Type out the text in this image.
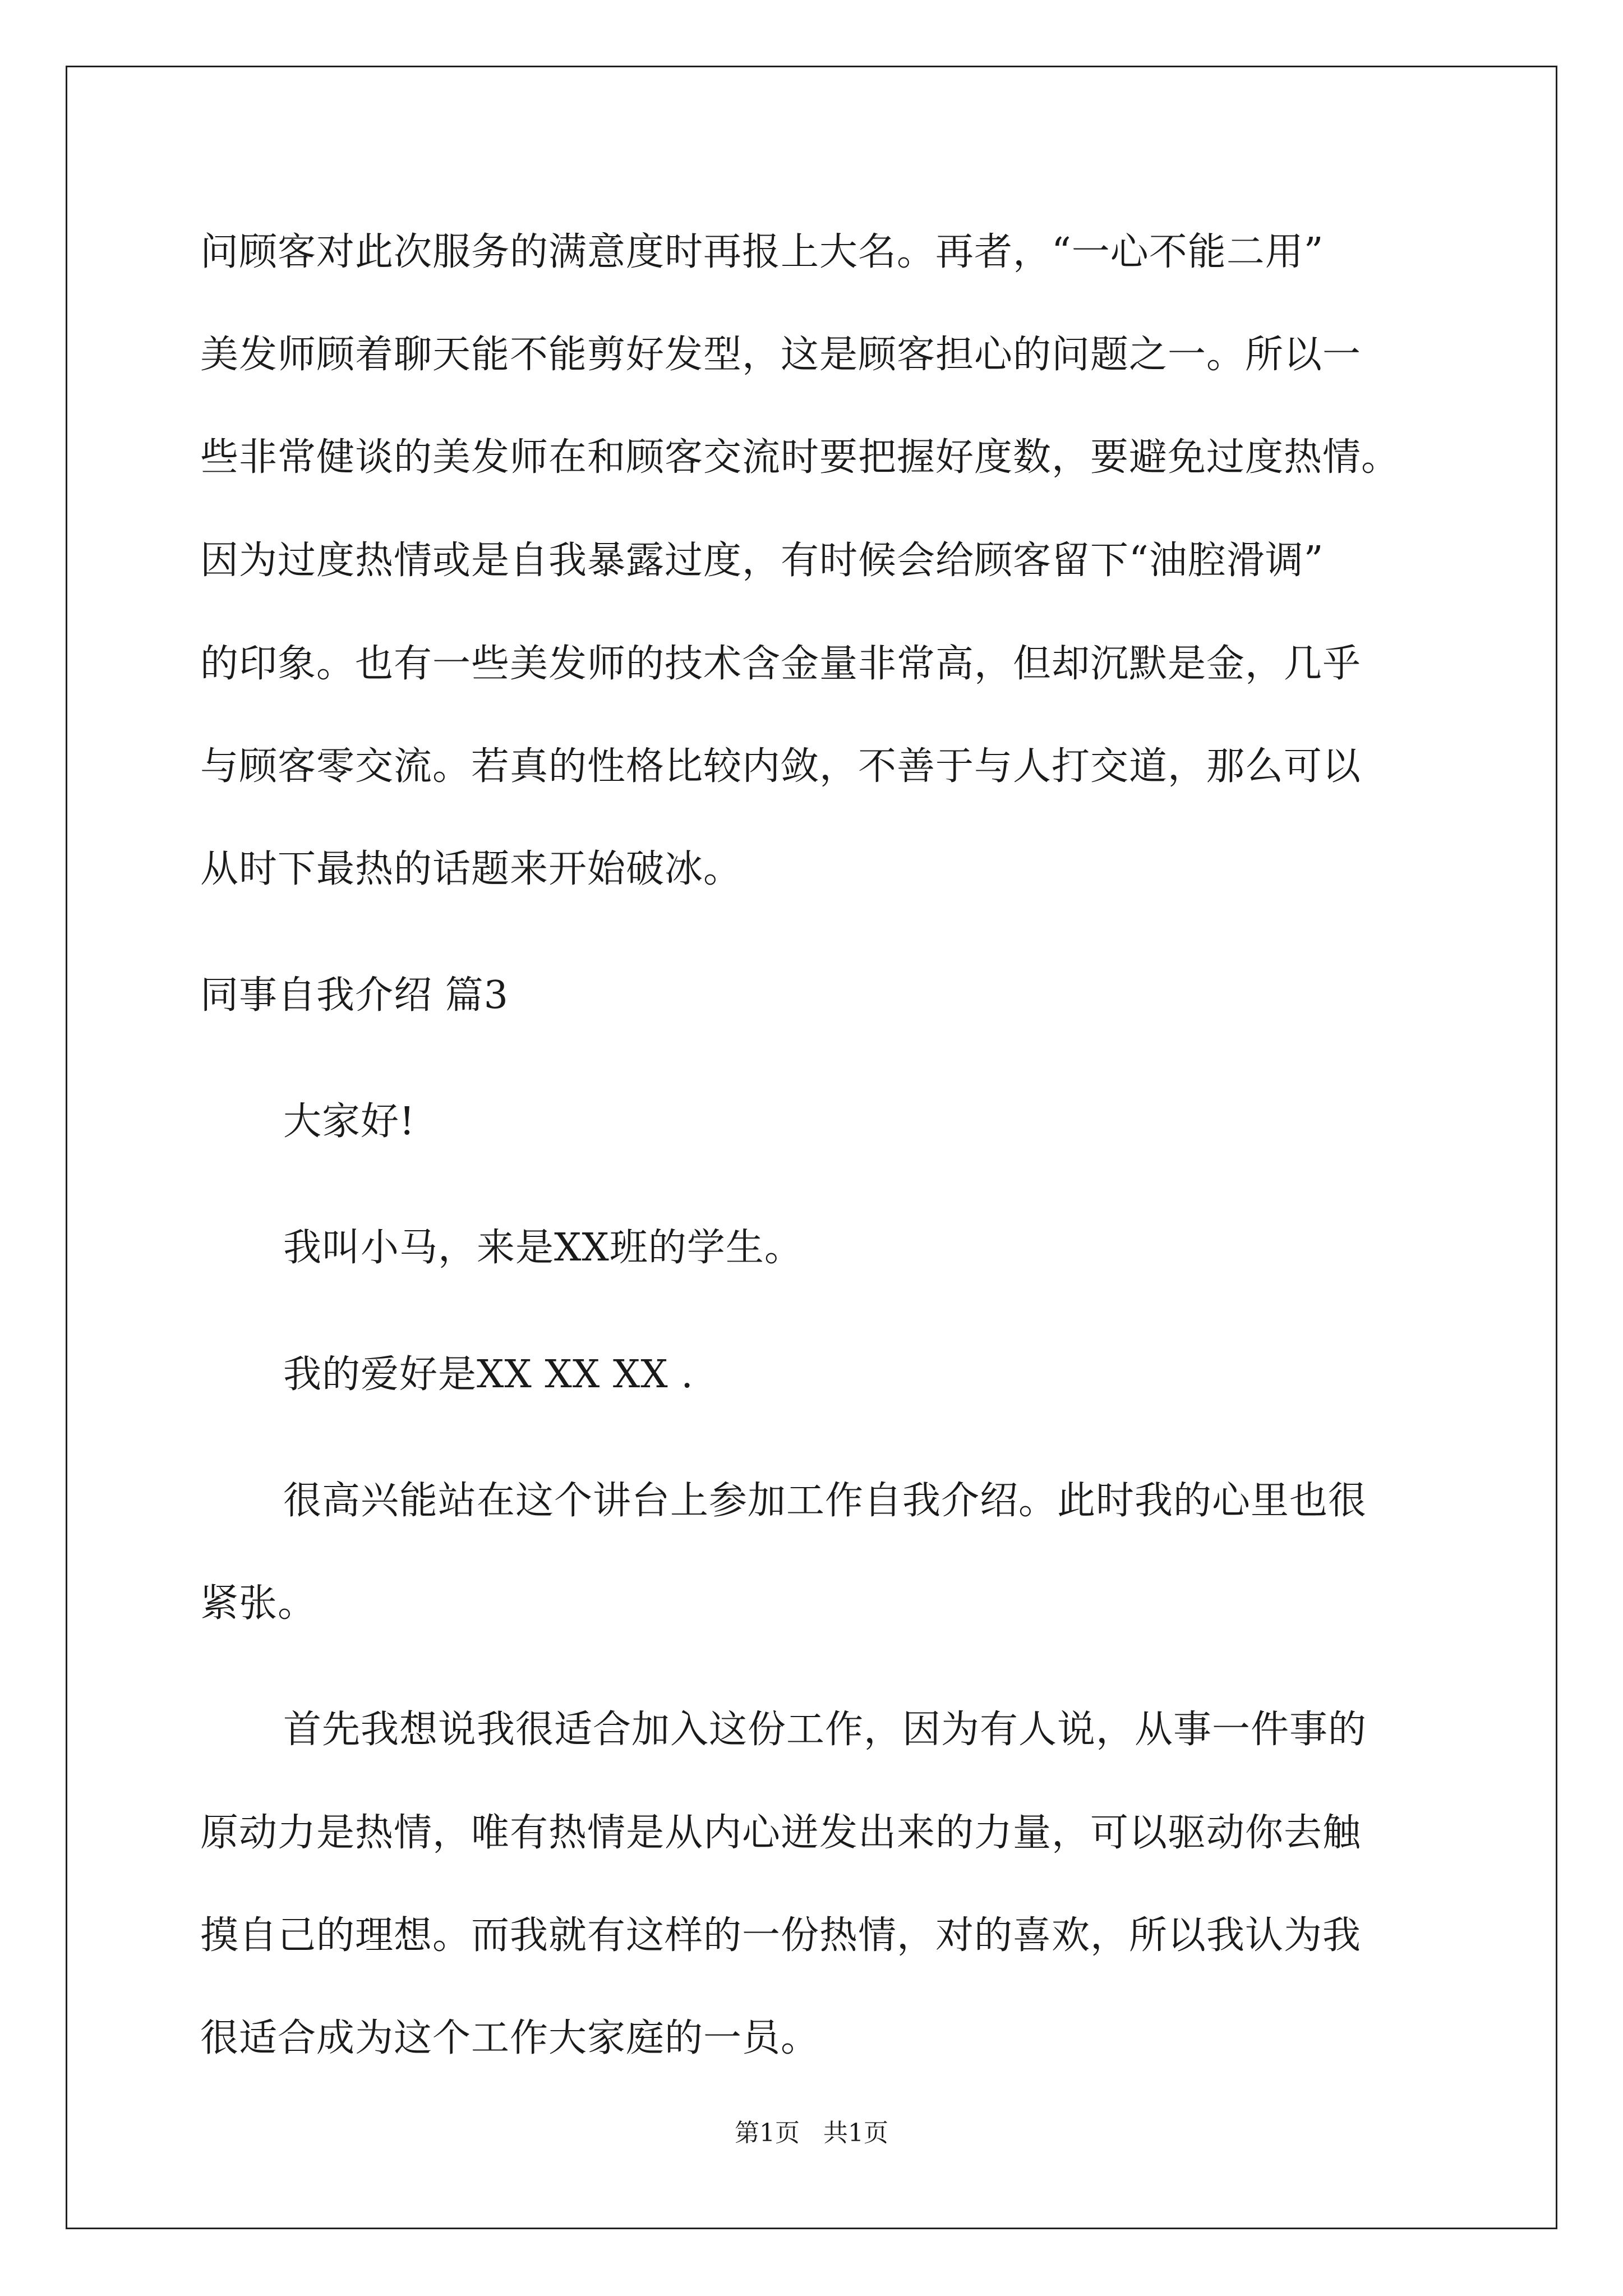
问顾客对此次服务的满意度时再报上大名。再者，“一心不能二用”
美发师顾着聊天能不能剪好发型，这是顾客担心的问题之一。所以一
些非常健谈的美发师在和顾客交流时要把握好度数，要避免过度热情。
因为过度热情或是自我暴露过度，有时候会给顾客留下“油腔滑调”
的印象。也有一些美发师的技术含金量非常高，但却沉默是金，几乎
与顾客零交流。若真的性格比较内敛，不善于与人打交道，那么可以
从时下最热的话题来开始破冰。
同事自我介绍 篇3
大家好!
我叫小马，来是XX班的学生。
我的爱好是XX XX XX .
很高兴能站在这个讲台上参加工作自我介绍。此时我的心里也很
紧张。
首先我想说我很适合加入这份工作，因为有人说，从事一件事的
原动力是热情，唯有热情是从内心迸发出来的力量，可以驱动你去触
摸自己的理想。而我就有这样的一份热情，对的喜欢，所以我认为我
很适合成为这个工作大家庭的一员。
第1页   共1页
